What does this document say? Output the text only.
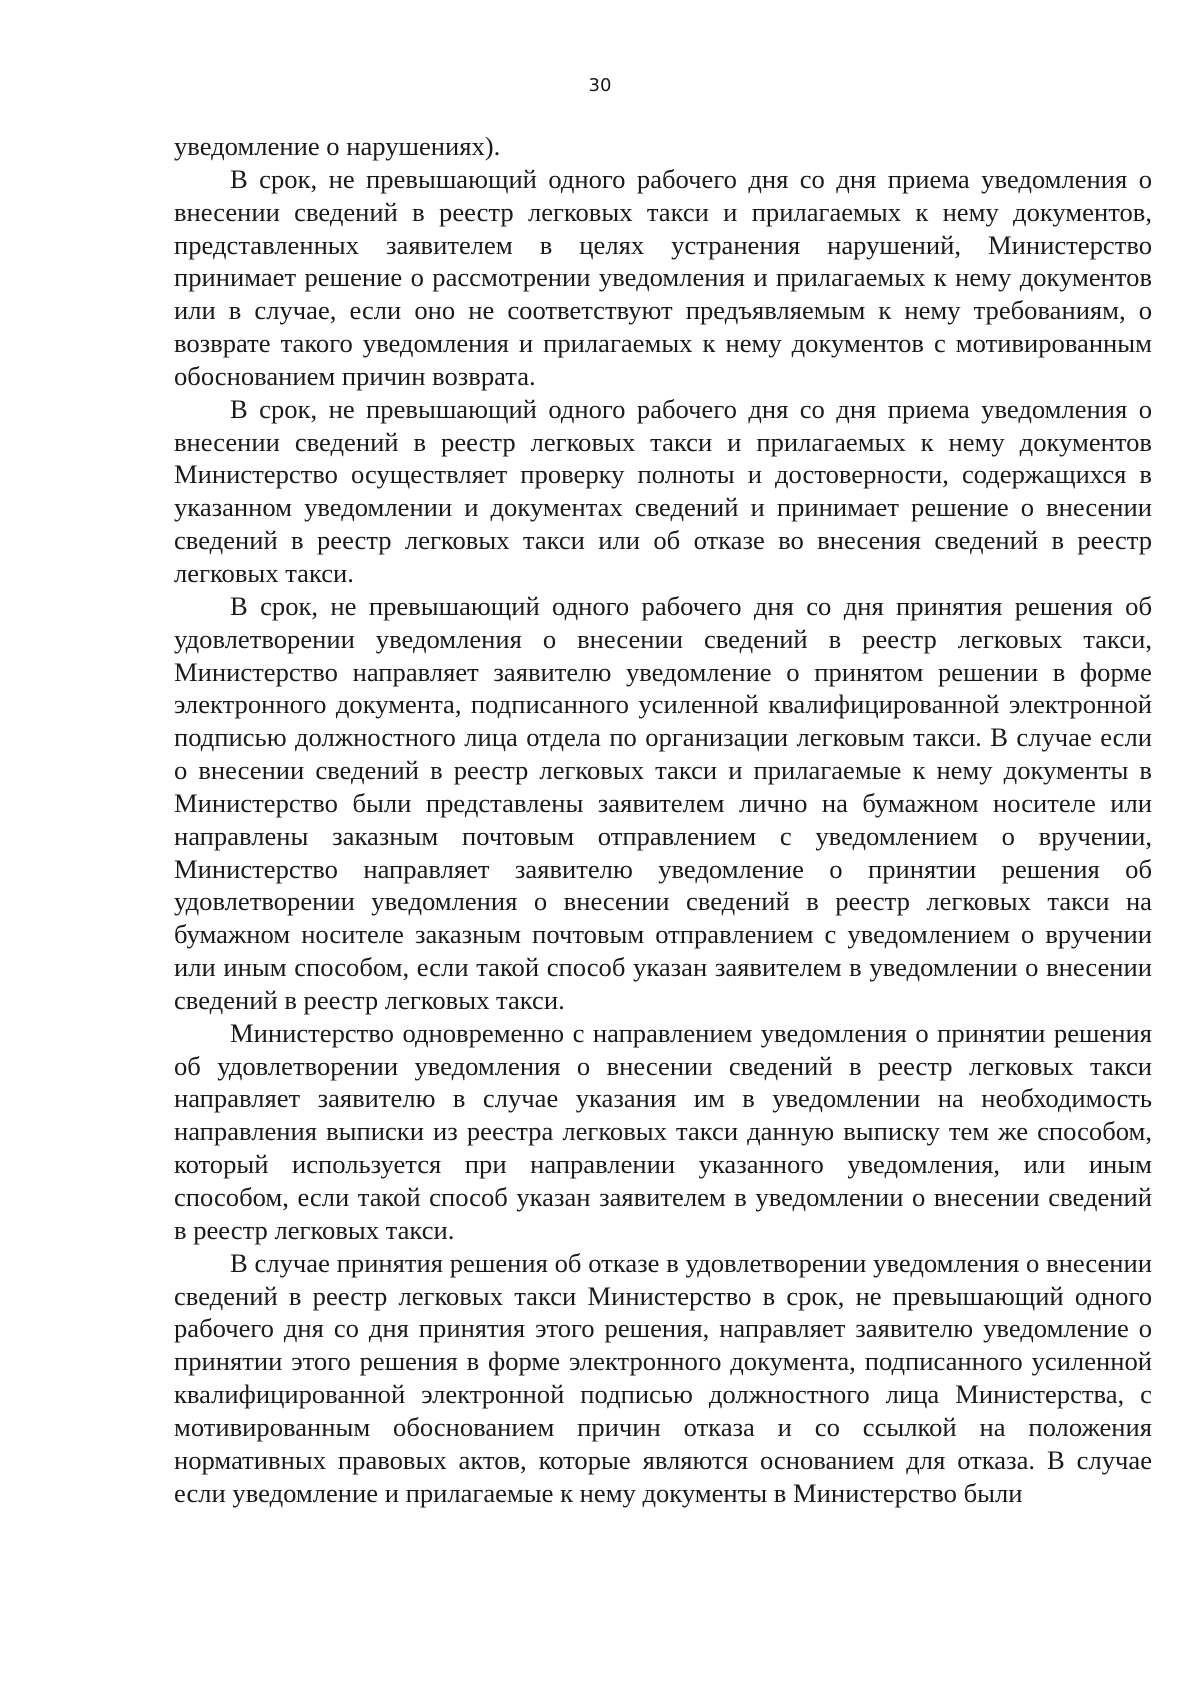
30

уведомление о нарушениях).

В срок, не превышающий одного рабочего дня со дня приема уведомления о внесении сведений в реестр легковых такси и прилагаемых к нему документов, представленных заявителем в целях устранения нарушений, Министерство принимает решение о рассмотрении уведомления и прилагаемых к нему документов или в случае, если оно не соответствуют предъявляемым к нему требованиям, о возврате такого уведомления и прилагаемых к нему документов с мотивированным обоснованием причин возврата.

В срок, не превышающий одного рабочего дня со дня приема уведомления о внесении сведений в реестр легковых такси и прилагаемых к нему документов Министерство осуществляет проверку полноты и достоверности, содержащихся в указанном уведомлении и документах сведений и принимает решение о внесении сведений в реестр легковых такси или об отказе во внесения сведений в реестр легковых такси.

В срок, не превышающий одного рабочего дня со дня принятия решения об удовлетворении уведомления о внесении сведений в реестр легковых такси, Министерство направляет заявителю уведомление о принятом решении в форме электронного документа, подписанного усиленной квалифицированной электронной подписью должностного лица отдела по организации легковым такси. В случае если о внесении сведений в реестр легковых такси и прилагаемые к нему документы в Министерство были представлены заявителем лично на бумажном носителе или направлены заказным почтовым отправлением с уведомлением о вручении, Министерство направляет заявителю уведомление о принятии решения об удовлетворении уведомления о внесении сведений в реестр легковых такси на бумажном носителе заказным почтовым отправлением с уведомлением о вручении или иным способом, если такой способ указан заявителем в уведомлении о внесении сведений в реестр легковых такси.

Министерство одновременно с направлением уведомления о принятии решения об удовлетворении уведомления о внесении сведений в реестр легковых такси направляет заявителю в случае указания им в уведомлении на необходимость направления выписки из реестра легковых такси данную выписку тем же способом, который используется при направлении указанного уведомления, или иным способом, если такой способ указан заявителем в уведомлении о внесении сведений в реестр легковых такси.

В случае принятия решения об отказе в удовлетворении уведомления о внесении сведений в реестр легковых такси Министерство в срок, не превышающий одного рабочего дня со дня принятия этого решения, направляет заявителю уведомление о принятии этого решения в форме электронного документа, подписанного усиленной квалифицированной электронной подписью должностного лица Министерства, с мотивированным обоснованием причин отказа и со ссылкой на положения нормативных правовых актов, которые являются основанием для отказа. В случае если уведомление и прилагаемые к нему документы в Министерство были
